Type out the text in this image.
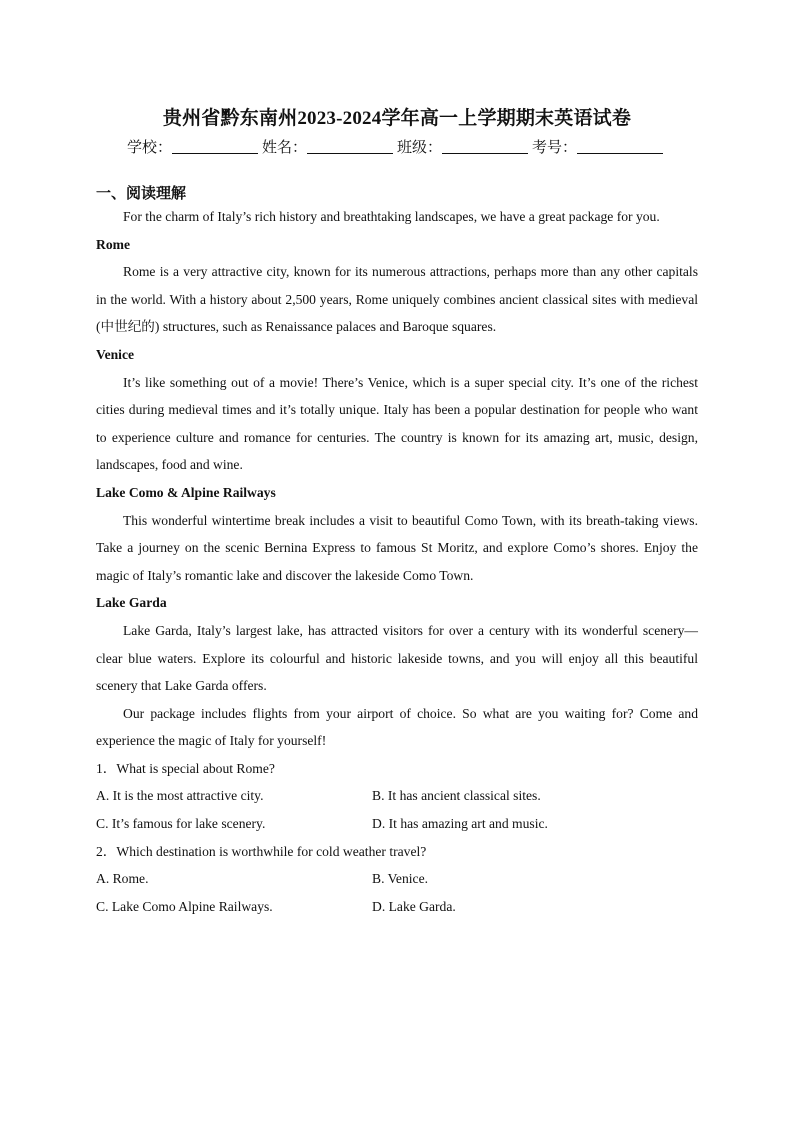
贵州省黔东南州2023-2024学年高一上学期期末英语试卷
学校：	姓名：	班级：	考号：
一、阅读理解

For the charm of Italy’s rich history and breathtaking landscapes, we have a great package for you.

Rome

Rome is a very attractive city, known for its numerous attractions, perhaps more than any other capitals in the world. With a history about 2,500 years, Rome uniquely combines ancient classical sites with medieval (中世纪的) structures, such as Renaissance palaces and Baroque squares.

Venice

It’s like something out of a movie! There’s Venice, which is a super special city. It’s one of the richest cities during medieval times and it’s totally unique. Italy has been a popular destination for people who want to experience culture and romance for centuries. The country is known for its amazing art, music, design, landscapes, food and wine.

Lake Como & Alpine Railways

This wonderful wintertime break includes a visit to beautiful Como Town, with its breath-taking views. Take a journey on the scenic Bernina Express to famous St Moritz, and explore Como’s shores. Enjoy the magic of Italy’s romantic lake and discover the lakeside Como Town.

Lake Garda

Lake Garda, Italy’s largest lake, has attracted visitors for over a century with its wonderful scenery—clear blue waters. Explore its colourful and historic lakeside towns, and you will enjoy all this beautiful scenery that Lake Garda offers.

Our package includes flights from your airport of choice. So what are you waiting for? Come and experience the magic of Italy for yourself!

1．What is special about Rome?

A. It is the most attractive city.	B. It has ancient classical sites.
C. It’s famous for lake scenery.	D. It has amazing art and music.

2．Which destination is worthwhile for cold weather travel?

A. Rome.	B. Venice.
C. Lake Como Alpine Railways.	D. Lake Garda.
